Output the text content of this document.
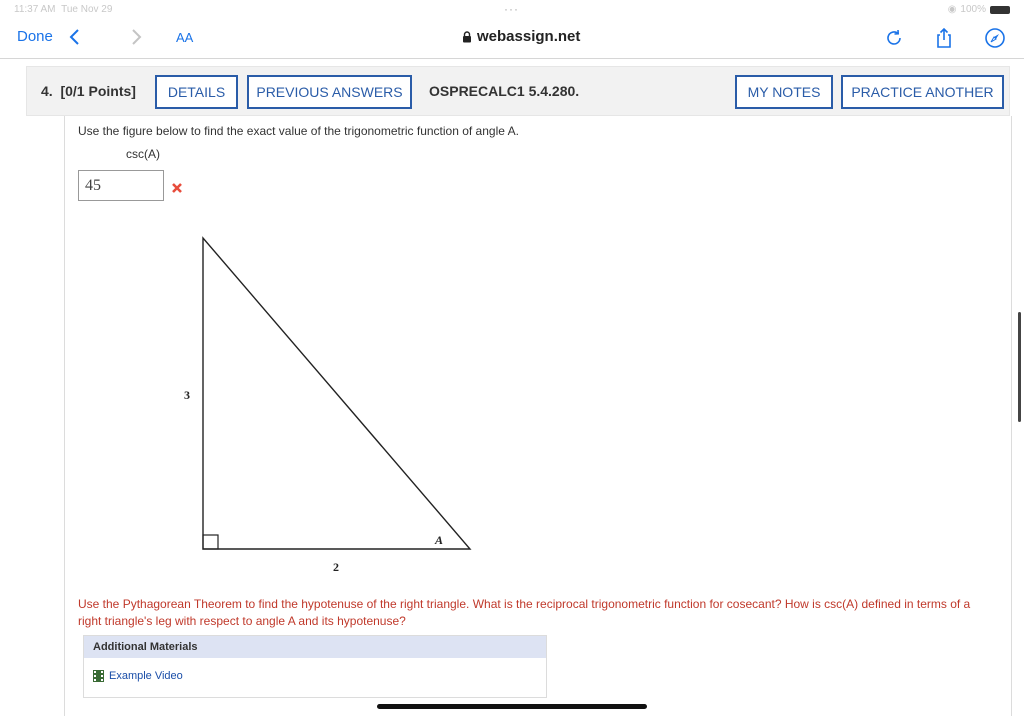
11:37 AM Tue Nov 29	···	◉ 100%
Done	AA	webassign.net
4. [0/1 Points]	DETAILS	PREVIOUS ANSWERS	OSPRECALC1 5.4.280.	MY NOTES	PRACTICE ANOTHER
Use the figure below to find the exact value of the trigonometric function of angle A.
csc(A)
45
3
2
A
Use the Pythagorean Theorem to find the hypotenuse of the right triangle. What is the reciprocal trigonometric function for cosecant? How is csc(A) defined in terms of a right triangle's leg with respect to angle A and its hypotenuse?
Additional Materials
Example Video
